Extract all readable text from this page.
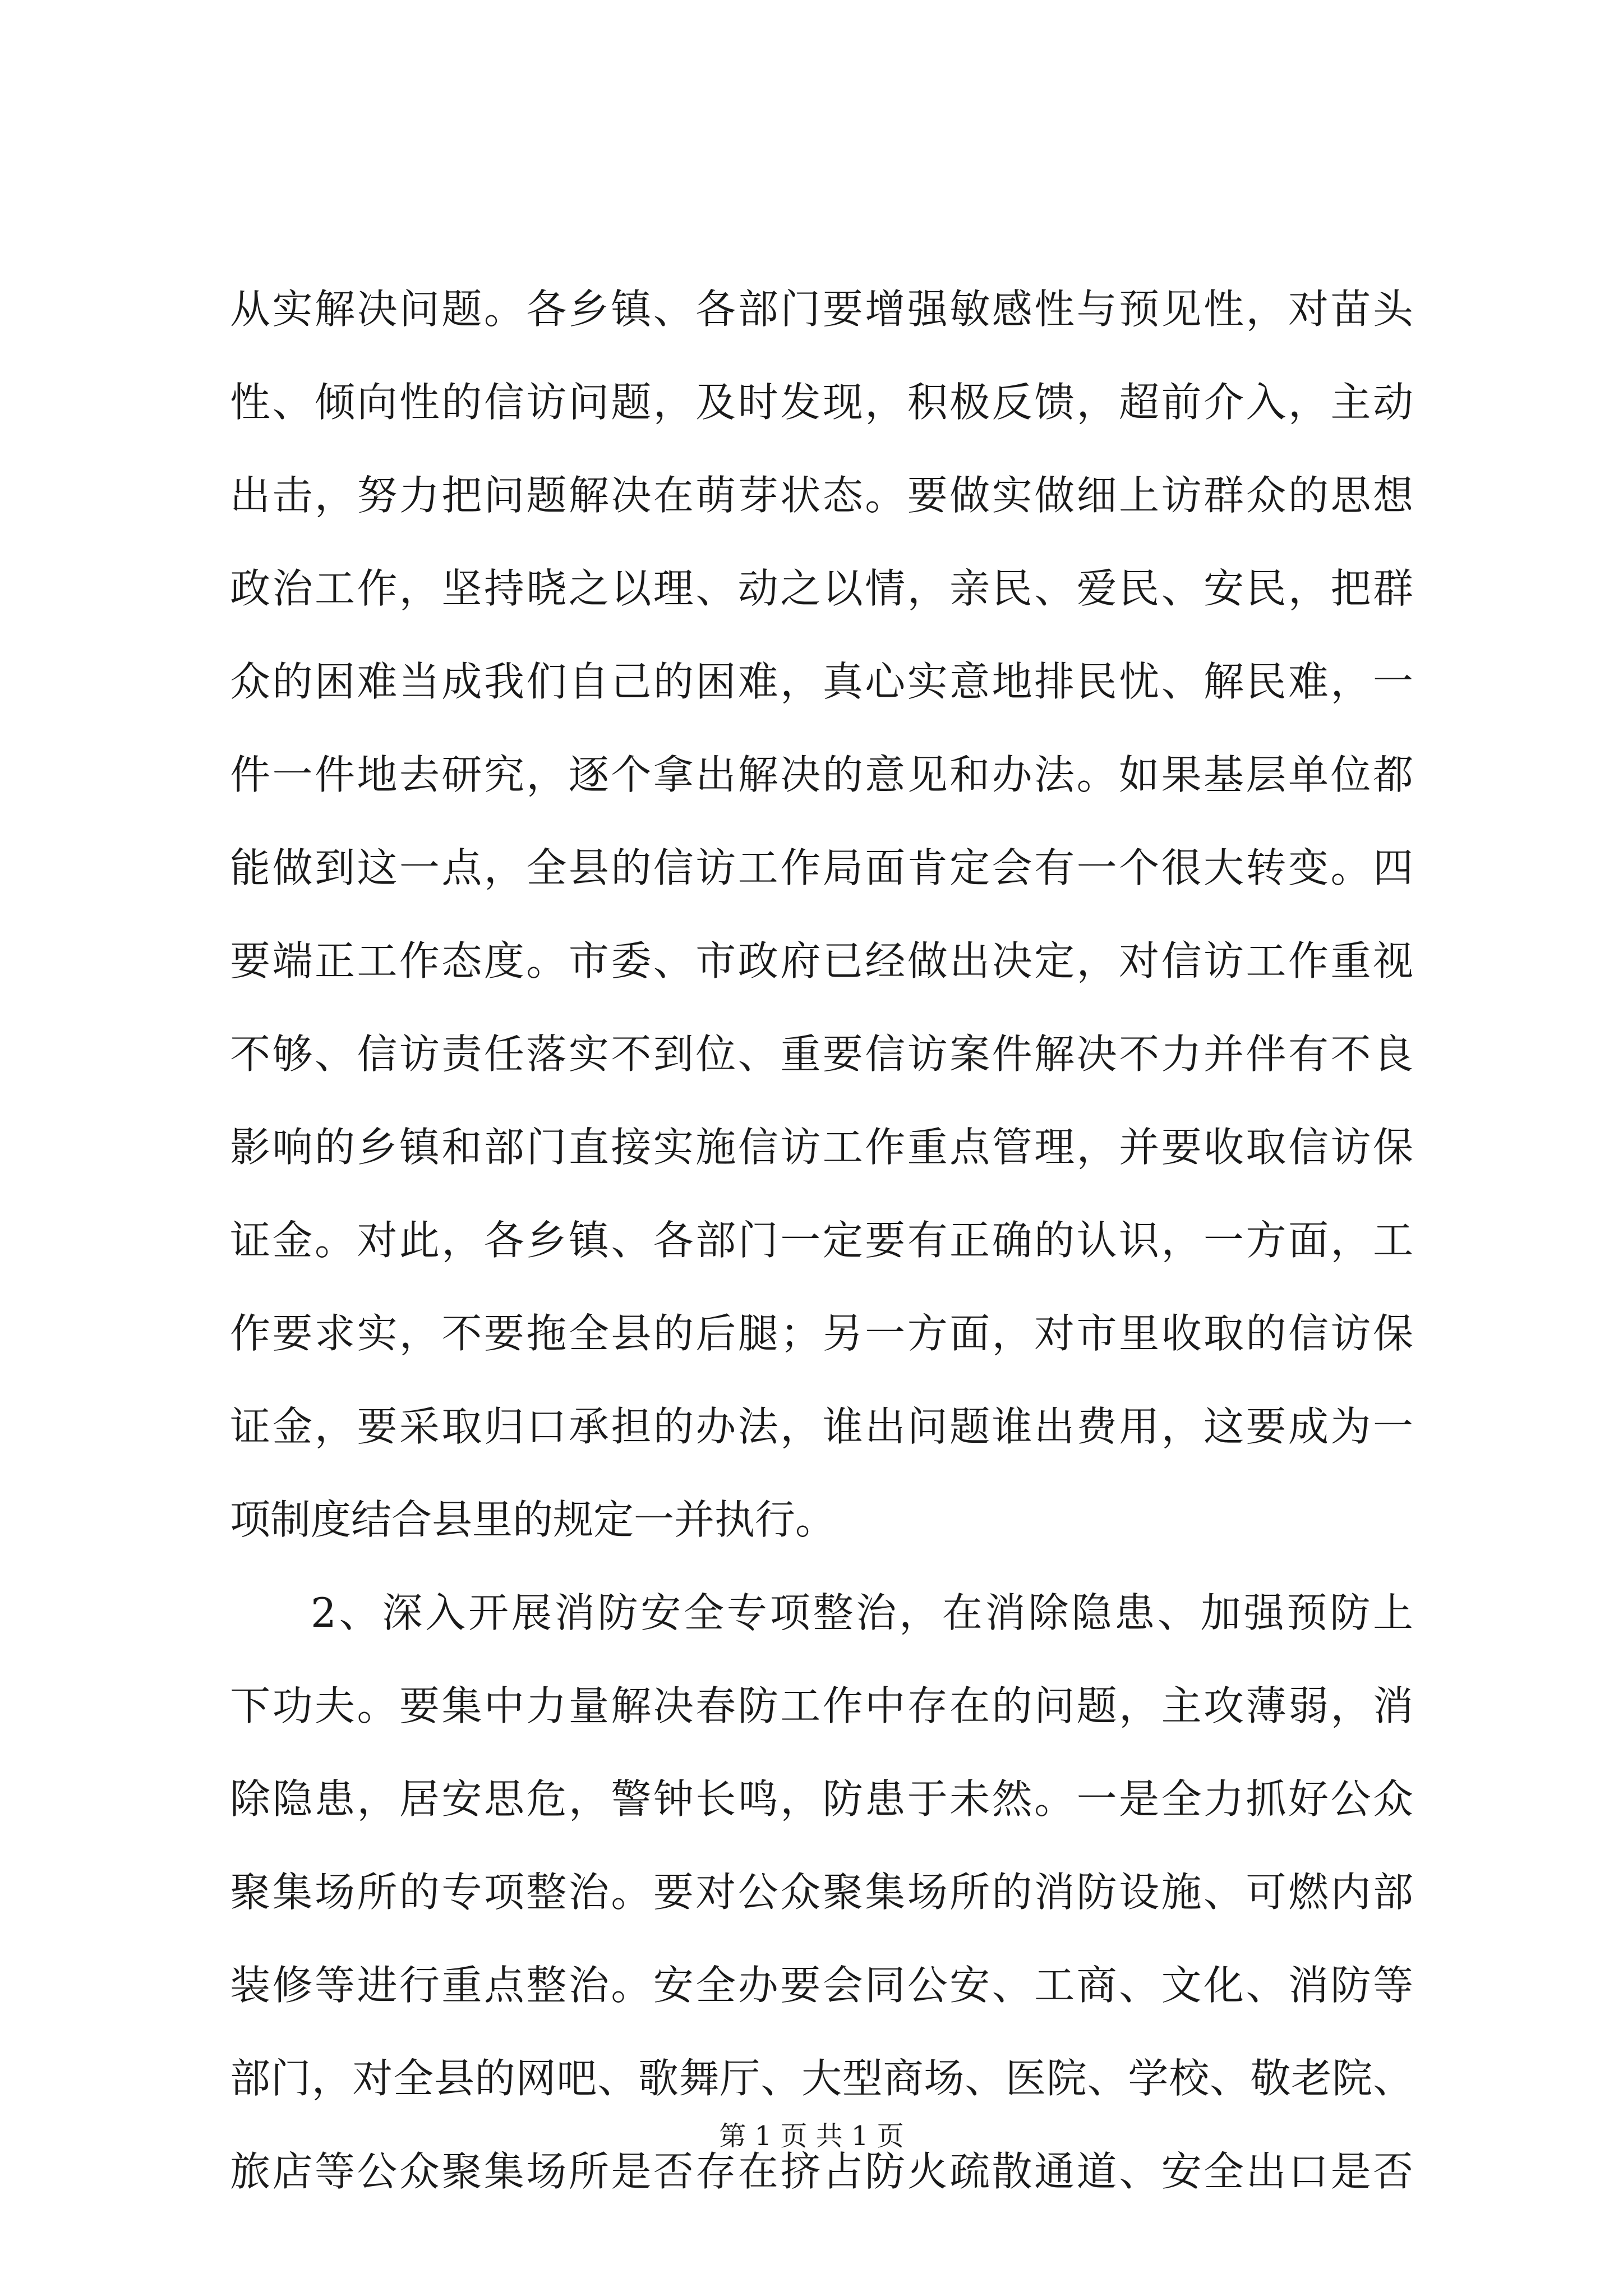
从实解决问题。各乡镇、各部门要增强敏感性与预见性，对苗头
性、倾向性的信访问题，及时发现，积极反馈，超前介入，主动
出击，努力把问题解决在萌芽状态。要做实做细上访群众的思想
政治工作，坚持晓之以理、动之以情，亲民、爱民、安民，把群
众的困难当成我们自己的困难，真心实意地排民忧、解民难，一
件一件地去研究，逐个拿出解决的意见和办法。如果基层单位都
能做到这一点，全县的信访工作局面肯定会有一个很大转变。四
要端正工作态度。市委、市政府已经做出决定，对信访工作重视
不够、信访责任落实不到位、重要信访案件解决不力并伴有不良
影响的乡镇和部门直接实施信访工作重点管理，并要收取信访保
证金。对此，各乡镇、各部门一定要有正确的认识，一方面，工
作要求实，不要拖全县的后腿；另一方面，对市里收取的信访保
证金，要采取归口承担的办法，谁出问题谁出费用，这要成为一
项制度结合县里的规定一并执行。
2、深入开展消防安全专项整治，在消除隐患、加强预防上
下功夫。要集中力量解决春防工作中存在的问题，主攻薄弱，消
除隐患，居安思危，警钟长鸣，防患于未然。一是全力抓好公众
聚集场所的专项整治。要对公众聚集场所的消防设施、可燃内部
装修等进行重点整治。安全办要会同公安、工商、文化、消防等
部门，对全县的网吧、歌舞厅、大型商场、医院、学校、敬老院、
旅店等公众聚集场所是否存在挤占防火疏散通道、安全出口是否
第 1 页 共 1 页
